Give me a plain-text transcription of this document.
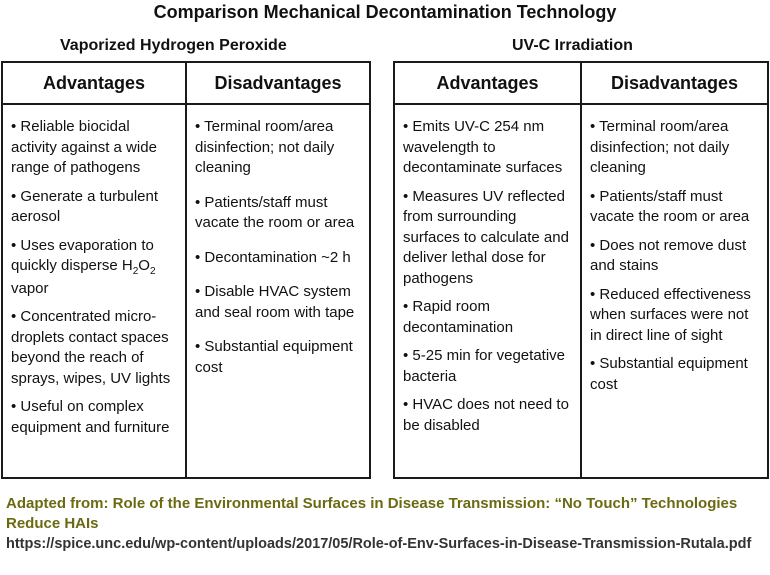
Comparison Mechanical Decontamination Technology
Vaporized Hydrogen Peroxide	UV-C Irradiation
Advantages
• Reliable biocidal activity against a wide range of pathogens
• Generate a turbulent aerosol
• Uses evaporation to quickly disperse $H_2O_2$ vapor
• Concentrated micro-droplets contact spaces beyond the reach of sprays, wipes, UV lights
• Useful on complex equipment and furniture
Disadvantages
• Terminal room/area disinfection; not daily cleaning
• Patients/staff must vacate the room or area
• Decontamination ~2 h
• Disable HVAC system and seal room with tape
• Substantial equipment cost
Advantages
• Emits UV-C 254 nm wavelength to decontaminate surfaces
• Measures UV reflected from surrounding surfaces to calculate and deliver lethal dose for pathogens
• Rapid room decontamination
• 5-25 min for vegetative bacteria
• HVAC does not need to be disabled
Disadvantages
• Terminal room/area disinfection; not daily cleaning
• Patients/staff must vacate the room or area
• Does not remove dust and stains
• Reduced effectiveness when surfaces were not in direct line of sight
• Substantial equipment cost
Adapted from: Role of the Environmental Surfaces in Disease Transmission: “No Touch” Technologies Reduce HAIs
https://spice.unc.edu/wp-content/uploads/2017/05/Role-of-Env-Surfaces-in-Disease-Transmission-Rutala.pdf
